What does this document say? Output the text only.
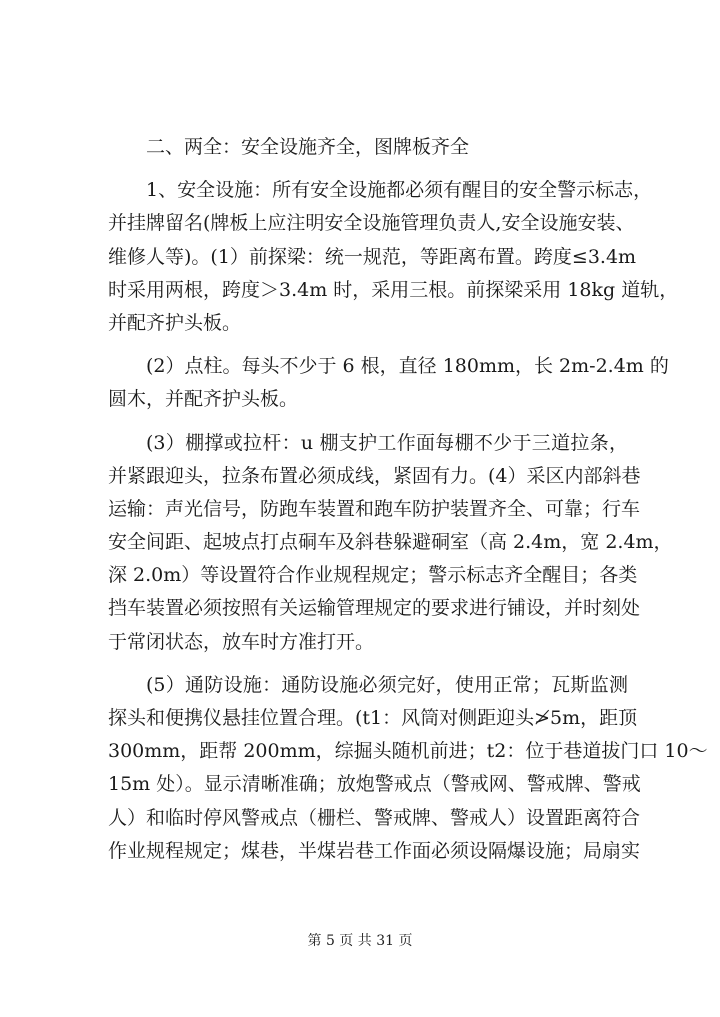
二、两全：安全设施齐全，图牌板齐全
1、安全设施：所有安全设施都必须有醒目的安全警示标志，
并挂牌留名(牌板上应注明安全设施管理负责人,安全设施安装、
维修人等)。(1）前探梁：统一规范，等距离布置。跨度≤3.4m
时采用两根，跨度＞3.4m 时，采用三根。前探梁采用 18kg 道轨，
并配齐护头板。
(2）点柱。每头不少于 6 根，直径 180mm，长 2m-2.4m 的
圆木，并配齐护头板。
(3）棚撑或拉杆：u 棚支护工作面每棚不少于三道拉条，
并紧跟迎头，拉条布置必须成线，紧固有力。(4）采区内部斜巷
运输：声光信号，防跑车装置和跑车防护装置齐全、可靠；行车
安全间距、起坡点打点硐车及斜巷躲避硐室（高 2.4m，宽 2.4m，
深 2.0m）等设置符合作业规程规定；警示标志齐全醒目；各类
挡车装置必须按照有关运输管理规定的要求进行铺设，并时刻处
于常闭状态，放车时方准打开。
(5）通防设施：通防设施必须完好，使用正常；瓦斯监测
探头和便携仪悬挂位置合理。(t1：风筒对侧距迎头≯5m，距顶
300mm，距帮 200mm，综掘头随机前进；t2：位于巷道拔门口 10～
15m 处）。显示清晰准确；放炮警戒点（警戒网、警戒牌、警戒
人）和临时停风警戒点（栅栏、警戒牌、警戒人）设置距离符合
作业规程规定；煤巷，半煤岩巷工作面必须设隔爆设施；局扇实
第 5 页 共 31 页
